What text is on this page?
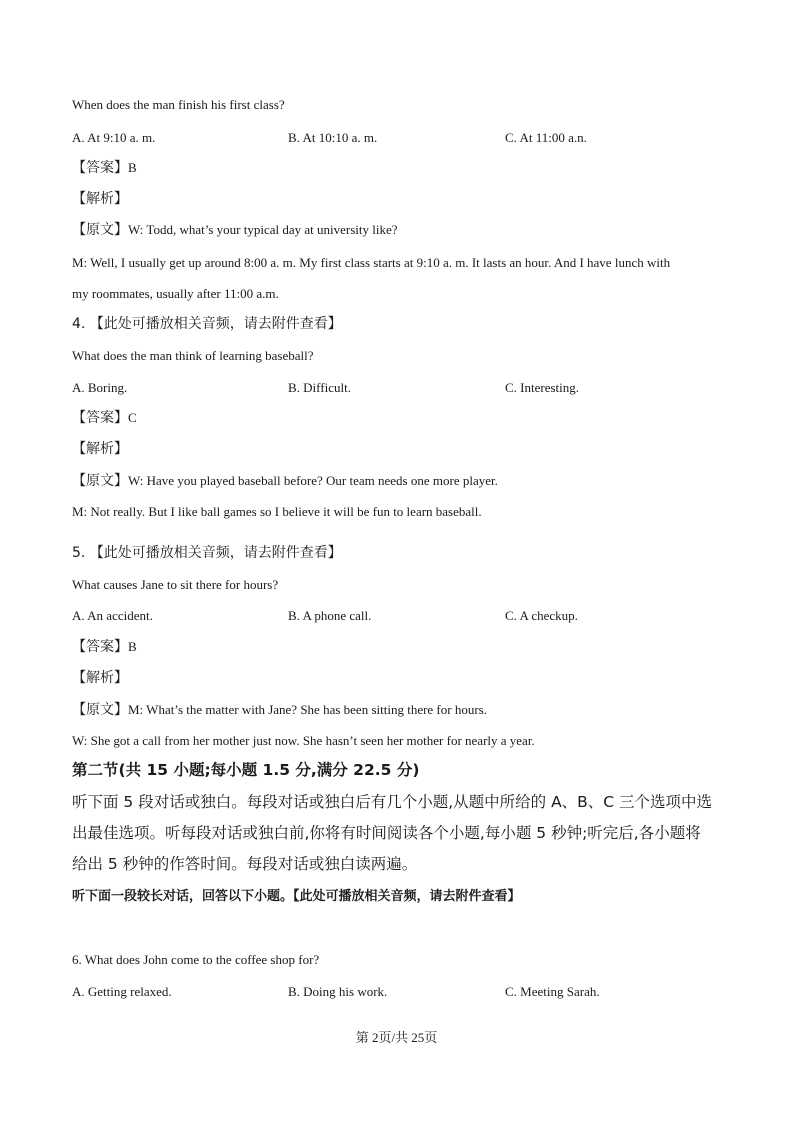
When does the man finish his first class?
A. At 9:10 a. m.	B. At 10:10 a. m.	C. At 11:00 a.n.
【答案】B
【解析】
【原文】W: Todd, what’s your typical day at university like?
M: Well, I usually get up around 8:00 a. m. My first class starts at 9:10 a. m. It lasts an hour. And I have lunch with
my roommates, usually after 11:00 a.m.
4. 【此处可播放相关音频，请去附件查看】
What does the man think of learning baseball?
A. Boring.	B. Difficult.	C. Interesting.
【答案】C
【解析】
【原文】W: Have you played baseball before? Our team needs one more player.
M: Not really. But I like ball games so I believe it will be fun to learn baseball.
5. 【此处可播放相关音频，请去附件查看】
What causes Jane to sit there for hours?
A. An accident.	B. A phone call.	C. A checkup.
【答案】B
【解析】
【原文】M: What’s the matter with Jane? She has been sitting there for hours.
W: She got a call from her mother just now. She hasn’t seen her mother for nearly a year.
第二节(共 15 小题;每小题 1.5 分,满分 22.5 分)
听下面 5 段对话或独白。每段对话或独白后有几个小题,从题中所给的 A、B、C 三个选项中选
出最佳选项。听每段对话或独白前,你将有时间阅读各个小题,每小题 5 秒钟;听完后,各小题将
给出 5 秒钟的作答时间。每段对话或独白读两遍。
听下面一段较长对话，回答以下小题。【此处可播放相关音频，请去附件查看】
6. What does John come to the coffee shop for?
A. Getting relaxed.	B. Doing his work.	C. Meeting Sarah.
第 2页/共 25页
